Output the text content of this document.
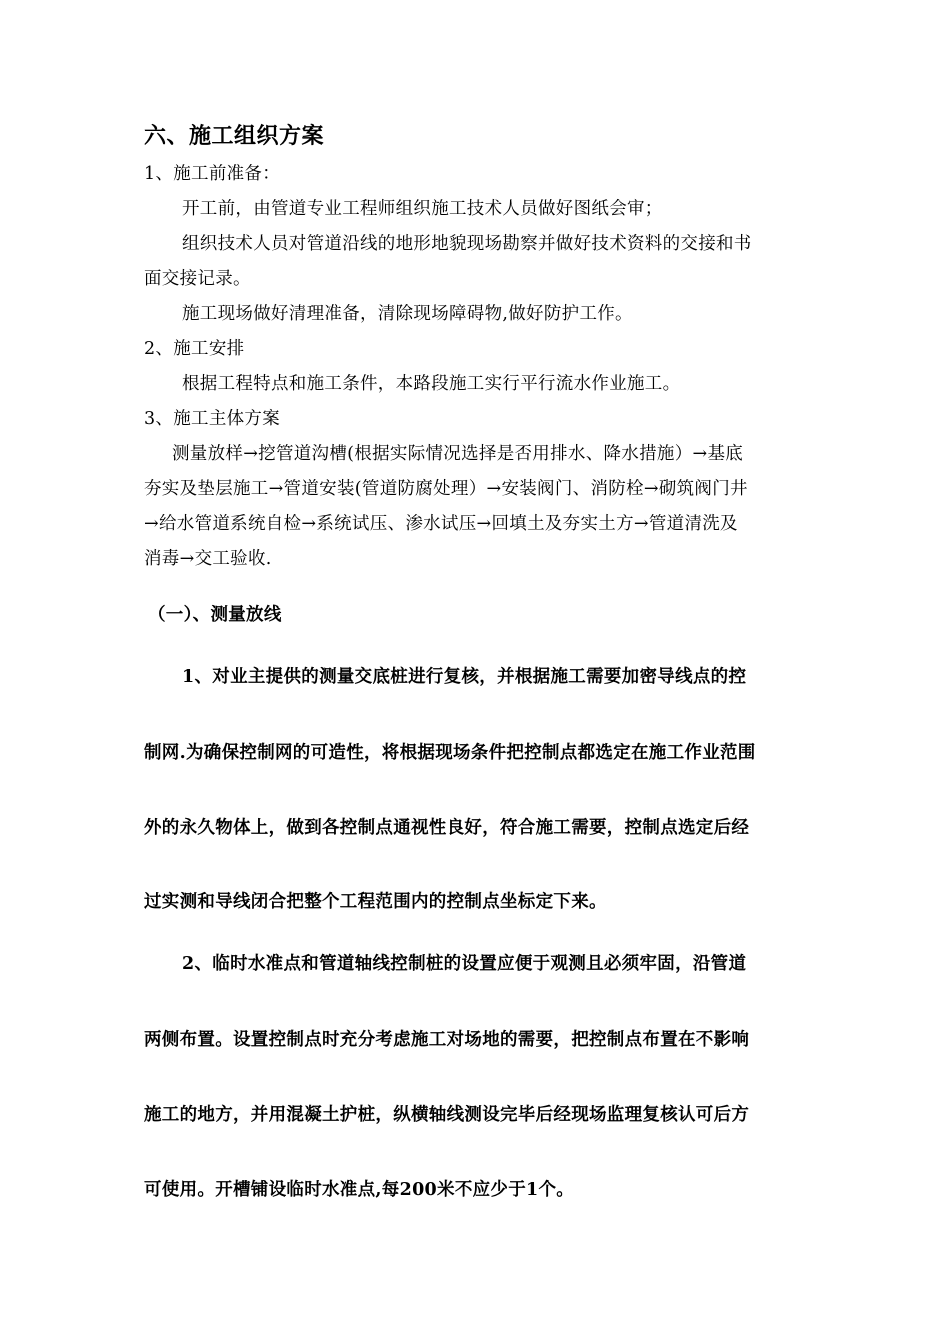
六、施工组织方案
1、施工前准备：
开工前，由管道专业工程师组织施工技术人员做好图纸会审；
组织技术人员对管道沿线的地形地貌现场勘察并做好技术资料的交接和书
面交接记录。
施工现场做好清理准备，清除现场障碍物,做好防护工作。
2、施工安排
根据工程特点和施工条件，本路段施工实行平行流水作业施工。
3、施工主体方案
测量放样→挖管道沟槽(根据实际情况选择是否用排水、降水措施）→基底
夯实及垫层施工→管道安装(管道防腐处理）→安装阀门、消防栓→砌筑阀门井
→给水管道系统自检→系统试压、渗水试压→回填土及夯实土方→管道清洗及
消毒→交工验收.
（一）、测量放线
1、对业主提供的测量交底桩进行复核，并根据施工需要加密导线点的控
制网.为确保控制网的可造性，将根据现场条件把控制点都选定在施工作业范围
外的永久物体上，做到各控制点通视性良好，符合施工需要，控制点选定后经
过实测和导线闭合把整个工程范围内的控制点坐标定下来。
2、临时水准点和管道轴线控制桩的设置应便于观测且必须牢固，沿管道
两侧布置。设置控制点时充分考虑施工对场地的需要，把控制点布置在不影响
施工的地方，并用混凝土护桩，纵横轴线测设完毕后经现场监理复核认可后方
可使用。开槽铺设临时水准点,每200米不应少于1个。
